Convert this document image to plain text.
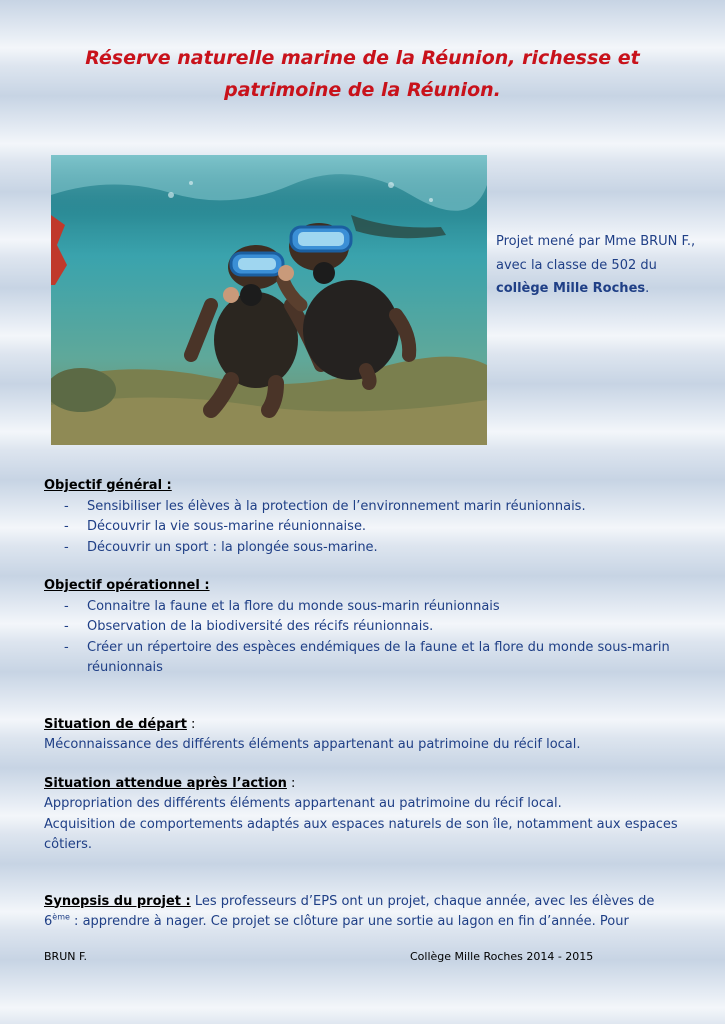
Réserve naturelle marine de la Réunion, richesse et patrimoine de la Réunion.
Projet mené par Mme BRUN F., avec la classe de 502 du collège Mille Roches.

Objectif général :

- Sensibiliser les élèves à la protection de l’environnement marin réunionnais.
- Découvrir la vie sous-marine réunionnaise.
- Découvrir un sport : la plongée sous-marine.

Objectif opérationnel :

- Connaitre la faune et la flore du monde sous-marin réunionnais
- Observation de la biodiversité des récifs réunionnais.
- Créer un répertoire des espèces endémiques de la faune et la flore du monde sous-marin réunionnais

Situation de départ :

Méconnaissance des différents éléments appartenant au patrimoine du récif local.

Situation attendue après l’action :

Appropriation des différents éléments appartenant au patrimoine du récif local.

Acquisition de comportements adaptés aux espaces naturels de son île, notamment aux espaces côtiers.

Synopsis du projet : Les professeurs d’EPS ont un projet, chaque année, avec les élèves de 6ème : apprendre à nager. Ce projet se clôture par une sortie au lagon en fin d’année. Pour

BRUN F.	Collège Mille Roches 2014 - 2015
